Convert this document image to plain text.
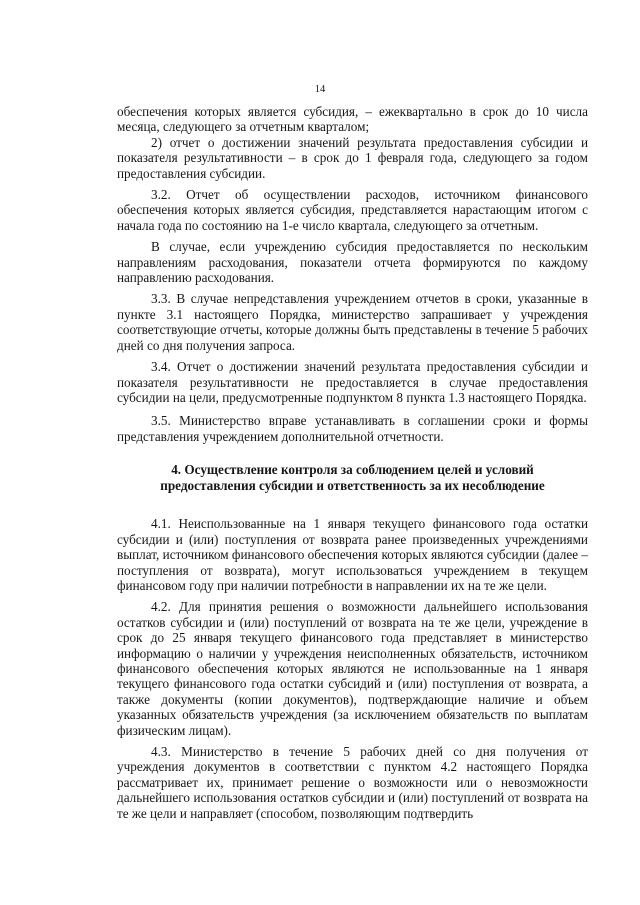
14

обеспечения которых является субсидия, – ежеквартально в срок до 10 числа месяца, следующего за отчетным кварталом;

2) отчет о достижении значений результата предоставления субсидии и показателя результативности – в срок до 1 февраля года, следующего за годом предоставления субсидии.

3.2. Отчет об осуществлении расходов, источником финансового обеспечения которых является субсидия, представляется нарастающим итогом с начала года по состоянию на 1-е число квартала, следующего за отчетным.

В случае, если учреждению субсидия предоставляется по нескольким направлениям расходования, показатели отчета формируются по каждому направлению расходования.

3.3. В случае непредставления учреждением отчетов в сроки, указанные в пункте 3.1 настоящего Порядка, министерство запрашивает у учреждения соответствующие отчеты, которые должны быть представлены в течение 5 рабочих дней со дня получения запроса.

3.4. Отчет о достижении значений результата предоставления субсидии и показателя результативности не предоставляется в случае предоставления субсидии на цели, предусмотренные подпунктом 8 пункта 1.3 настоящего Порядка.

3.5. Министерство вправе устанавливать в соглашении сроки и формы представления учреждением дополнительной отчетности.

4. Осуществление контроля за соблюдением целей и условий
предоставления субсидии и ответственность за их несоблюдение

4.1. Неиспользованные на 1 января текущего финансового года остатки субсидии и (или) поступления от возврата ранее произведенных учреждениями выплат, источником финансового обеспечения которых являются субсидии (далее – поступления от возврата), могут использоваться учреждением в текущем финансовом году при наличии потребности в направлении их на те же цели.

4.2. Для принятия решения о возможности дальнейшего использования остатков субсидии и (или) поступлений от возврата на те же цели, учреждение в срок до 25 января текущего финансового года представляет в министерство информацию о наличии у учреждения неисполненных обязательств, источником финансового обеспечения которых являются не использованные на 1 января текущего финансового года остатки субсидий и (или) поступления от возврата, а также документы (копии документов), подтверждающие наличие и объем указанных обязательств учреждения (за исключением обязательств по выплатам физическим лицам).

4.3. Министерство в течение 5 рабочих дней со дня получения от учреждения документов в соответствии с пунктом 4.2 настоящего Порядка рассматривает их, принимает решение о возможности или о невозможности дальнейшего использования остатков субсидии и (или) поступлений от возврата на те же цели и направляет (способом, позволяющим подтвердить
